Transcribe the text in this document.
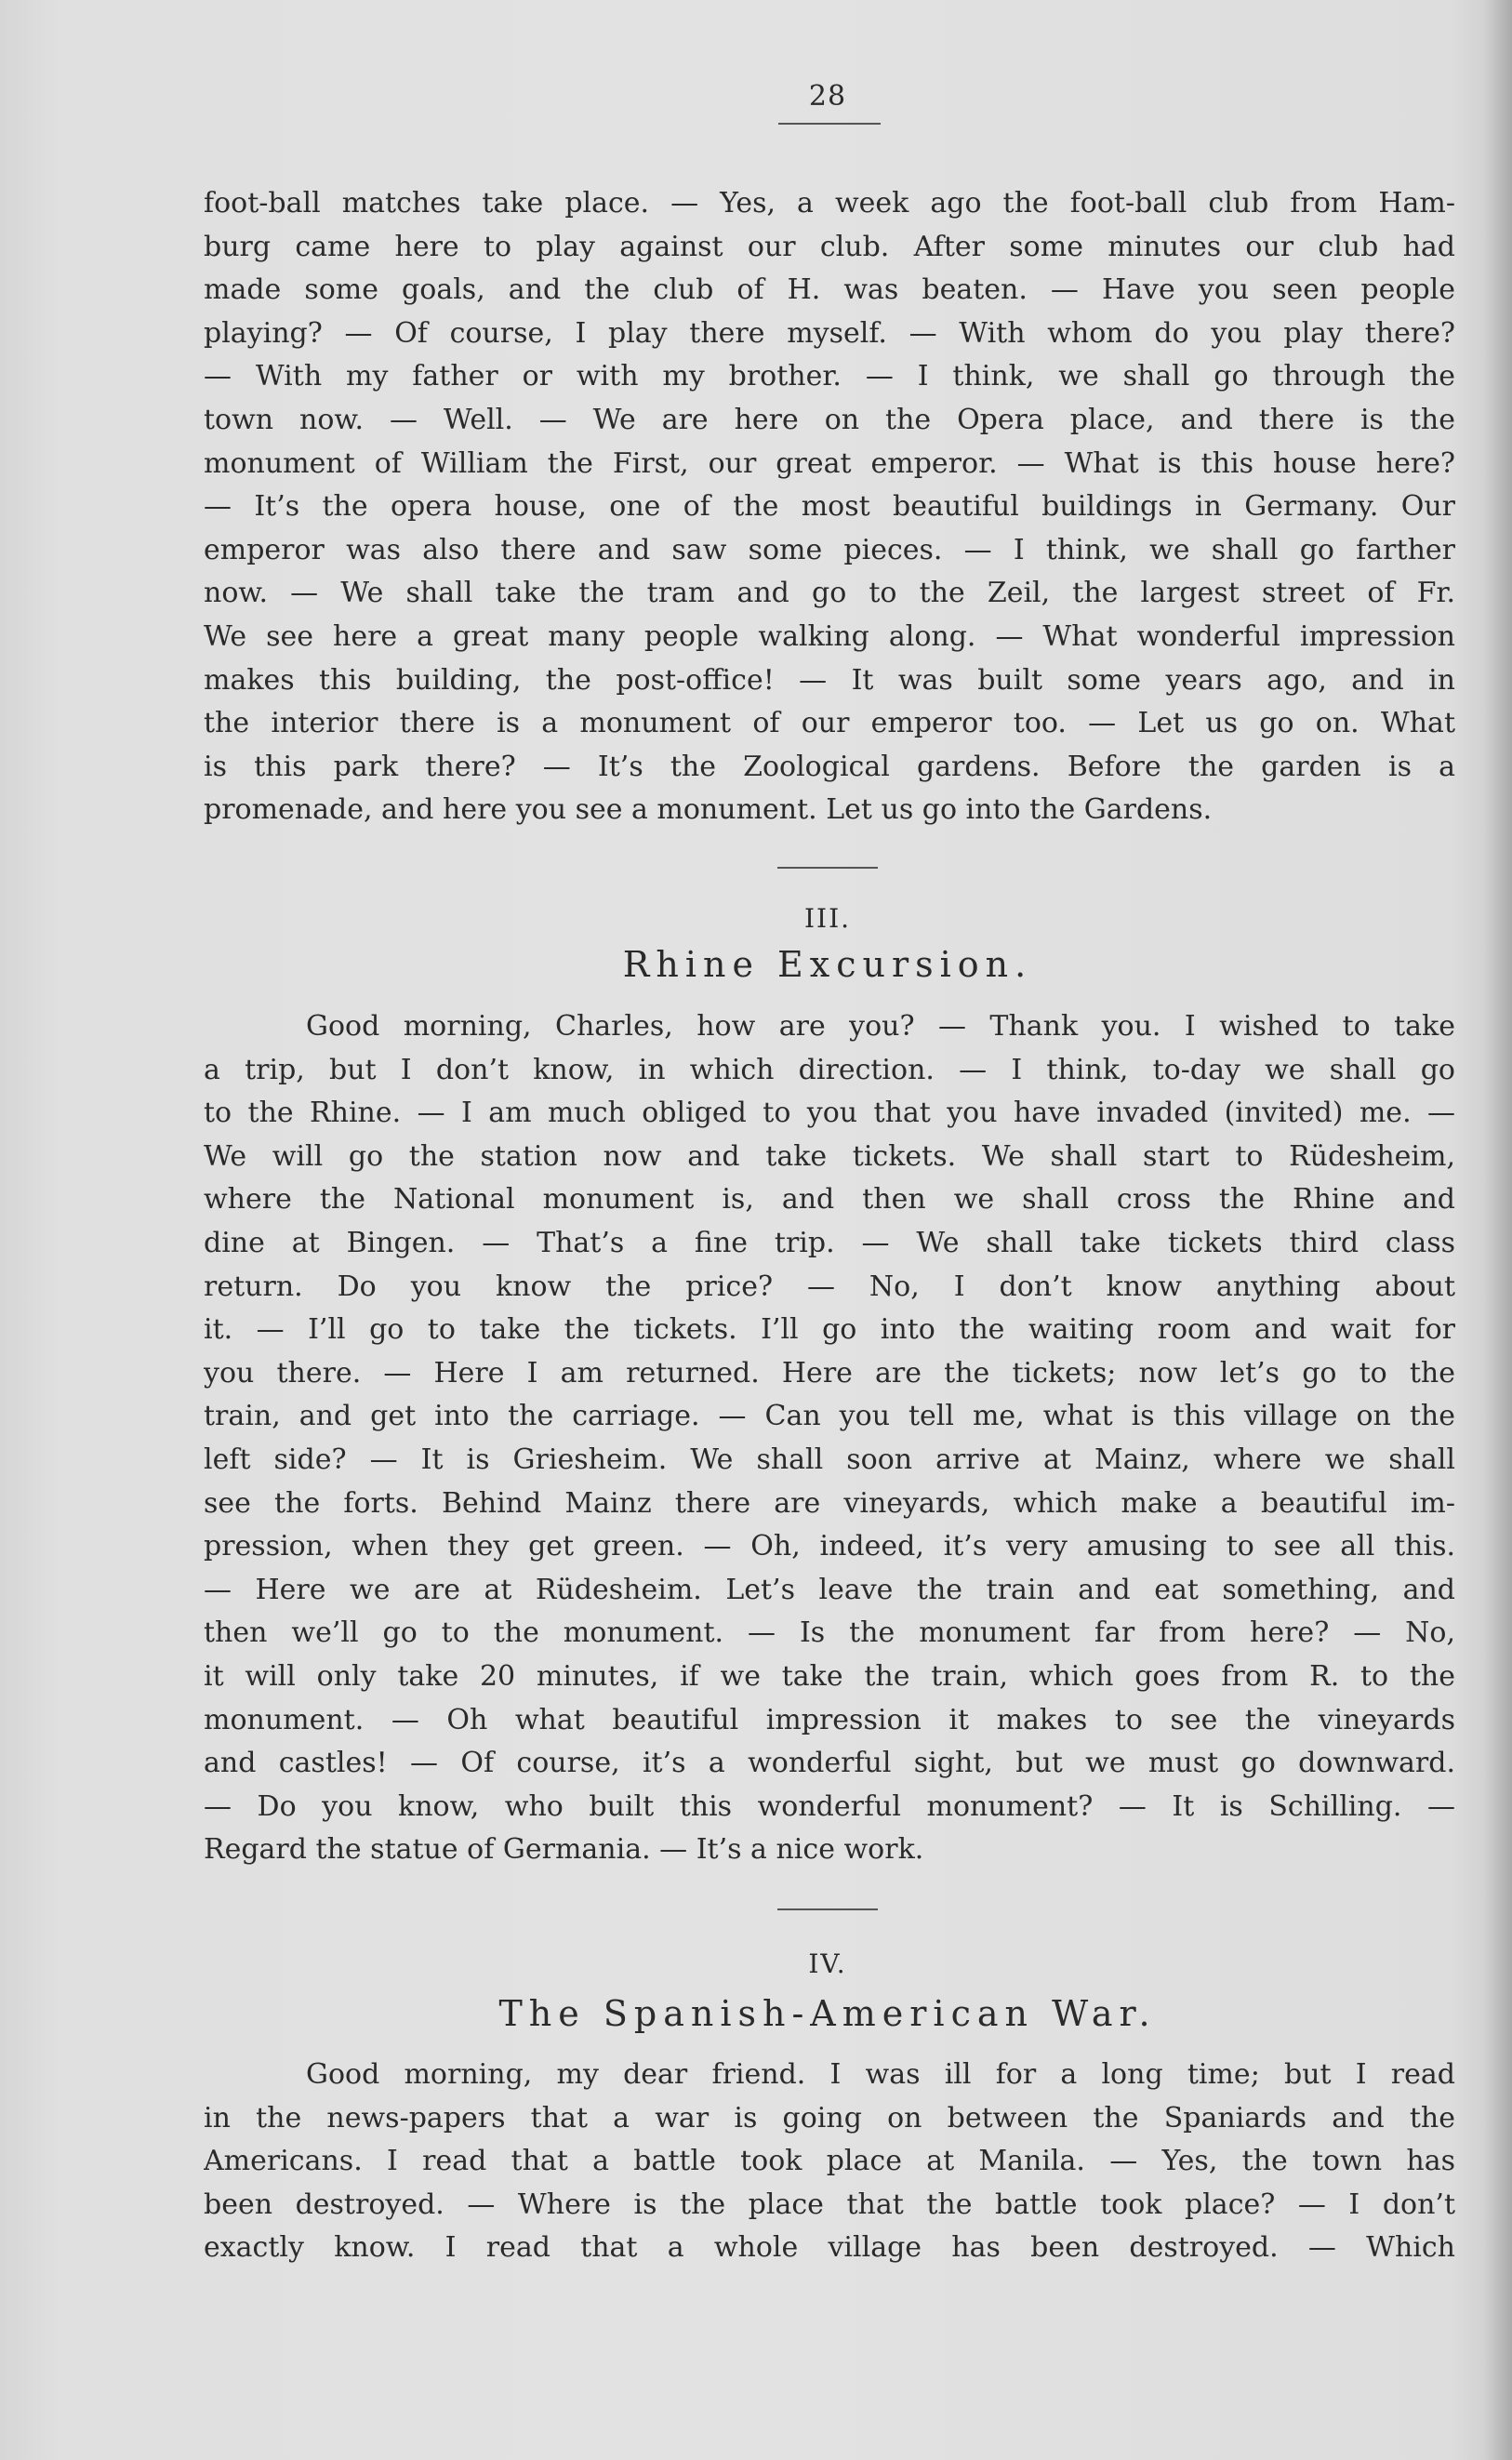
28
foot-ball matches take place. — Yes, a week ago the foot-ball club from Ham-
burg came here to play against our club. After some minutes our club had
made some goals, and the club of H. was beaten. — Have you seen people
playing? — Of course, I play there myself. — With whom do you play there?
— With my father or with my brother. — I think, we shall go through the
town now. — Well. — We are here on the Opera place, and there is the
monument of William the First, our great emperor. — What is this house here?
— It’s the opera house, one of the most beautiful buildings in Germany. Our
emperor was also there and saw some pieces. — I think, we shall go farther
now. — We shall take the tram and go to the Zeil, the largest street of Fr.
We see here a great many people walking along. — What wonderful impression
makes this building, the post-office! — It was built some years ago, and in
the interior there is a monument of our emperor too. — Let us go on. What
is this park there? — It’s the Zoological gardens. Before the garden is a
promenade, and here you see a monument. Let us go into the Gardens.
III.
Rhine Excursion.
Good morning, Charles, how are you? — Thank you. I wished to take
a trip, but I don’t know, in which direction. — I think, to-day we shall go
to the Rhine. — I am much obliged to you that you have invaded (invited) me. —
We will go the station now and take tickets. We shall start to Rüdesheim,
where the National monument is, and then we shall cross the Rhine and
dine at Bingen. — That’s a fine trip. — We shall take tickets third class
return. Do you know the price? — No, I don’t know anything about
it. — I’ll go to take the tickets. I’ll go into the waiting room and wait for
you there. — Here I am returned. Here are the tickets; now let’s go to the
train, and get into the carriage. — Can you tell me, what is this village on the
left side? — It is Griesheim. We shall soon arrive at Mainz, where we shall
see the forts. Behind Mainz there are vineyards, which make a beautiful im-
pression, when they get green. — Oh, indeed, it’s very amusing to see all this.
— Here we are at Rüdesheim. Let’s leave the train and eat something, and
then we’ll go to the monument. — Is the monument far from here? — No,
it will only take 20 minutes, if we take the train, which goes from R. to the
monument. — Oh what beautiful impression it makes to see the vineyards
and castles! — Of course, it’s a wonderful sight, but we must go downward.
— Do you know, who built this wonderful monument? — It is Schilling. —
Regard the statue of Germania. — It’s a nice work.
IV.
The Spanish-American War.
Good morning, my dear friend. I was ill for a long time; but I read
in the news-papers that a war is going on between the Spaniards and the
Americans. I read that a battle took place at Manila. — Yes, the town has
been destroyed. — Where is the place that the battle took place? — I don’t
exactly know. I read that a whole village has been destroyed. — Which
